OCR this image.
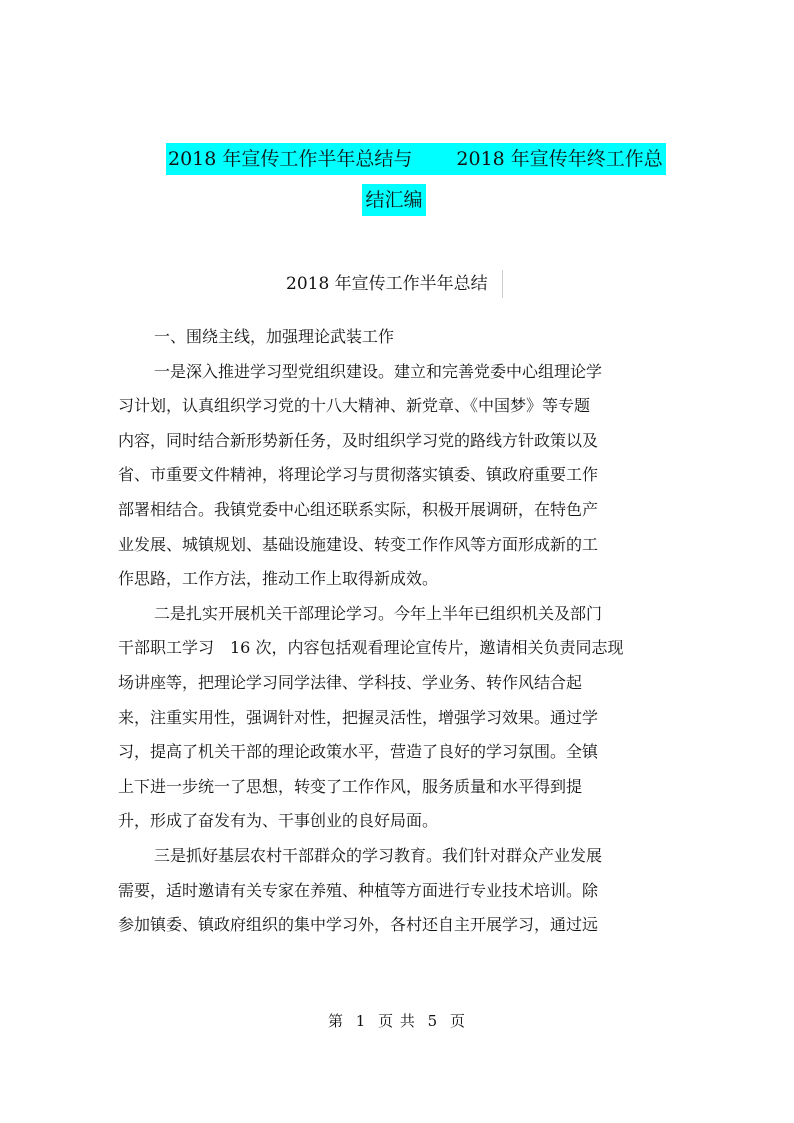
2018 年宣传工作半年总结与 2018 年宣传年终工作总
结汇编
2018 年宣传工作半年总结
一、围绕主线，加强理论武装工作
一是深入推进学习型党组织建设。建立和完善党委中心组理论学
习计划，认真组织学习党的十八大精神、新党章、《中国梦》等专题
内容，同时结合新形势新任务，及时组织学习党的路线方针政策以及
省、市重要文件精神，将理论学习与贯彻落实镇委、镇政府重要工作
部署相结合。我镇党委中心组还联系实际，积极开展调研，在特色产
业发展、城镇规划、基础设施建设、转变工作作风等方面形成新的工
作思路，工作方法，推动工作上取得新成效。
二是扎实开展机关干部理论学习。今年上半年已组织机关及部门
干部职工学习　16 次，内容包括观看理论宣传片，邀请相关负责同志现
场讲座等，把理论学习同学法律、学科技、学业务、转作风结合起
来，注重实用性，强调针对性，把握灵活性，增强学习效果。通过学
习，提高了机关干部的理论政策水平，营造了良好的学习氛围。全镇
上下进一步统一了思想，转变了工作作风，服务质量和水平得到提
升，形成了奋发有为、干事创业的良好局面。
三是抓好基层农村干部群众的学习教育。我们针对群众产业发展
需要，适时邀请有关专家在养殖、种植等方面进行专业技术培训。除
参加镇委、镇政府组织的集中学习外，各村还自主开展学习，通过远
第 1 页 共 5 页
